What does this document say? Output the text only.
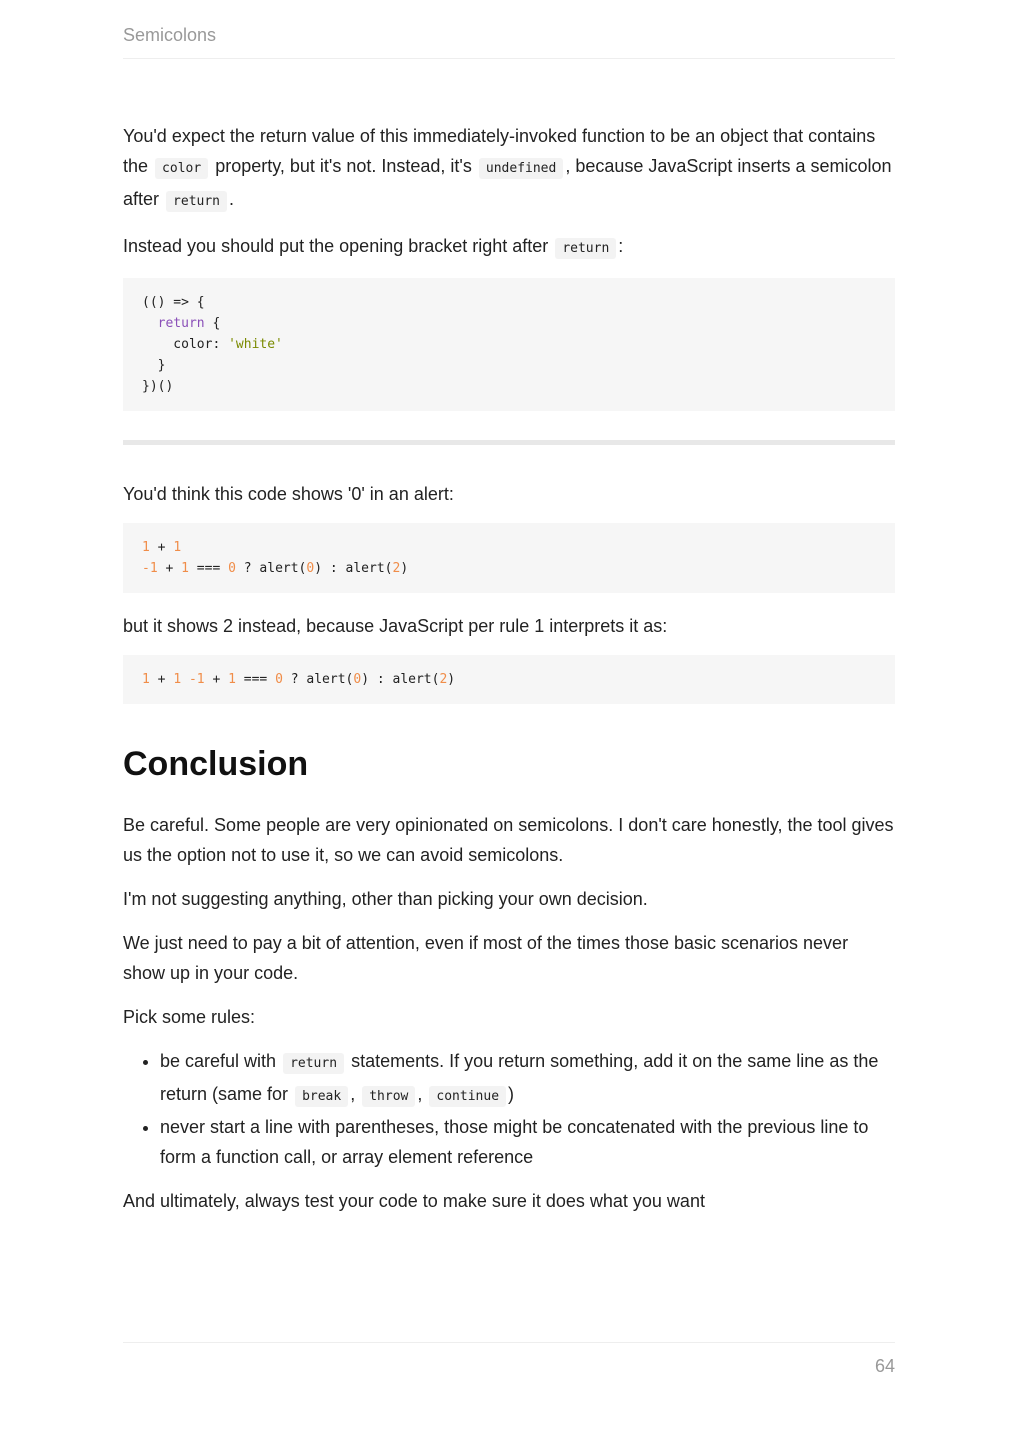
Semicolons

You'd expect the return value of this immediately-invoked function to be an object that contains the color property, but it's not. Instead, it's undefined , because JavaScript inserts a semicolon after return .

Instead you should put the opening bracket right after return :

(() => {
return {
color: 'white'
}
})()

You'd think this code shows '0' in an alert:

1 + 1
-1 + 1 === 0 ? alert(0) : alert(2)

but it shows 2 instead, because JavaScript per rule 1 interprets it as:

1 + 1 -1 + 1 === 0 ? alert(0) : alert(2)
Conclusion

Be careful. Some people are very opinionated on semicolons. I don't care honestly, the tool gives us the option not to use it, so we can avoid semicolons.

I'm not suggesting anything, other than picking your own decision.

We just need to pay a bit of attention, even if most of the times those basic scenarios never show up in your code.

Pick some rules:

• be careful with return statements. If you return something, add it on the same line as the return (same for break , throw , continue )
• never start a line with parentheses, those might be concatenated with the previous line to form a function call, or array element reference

And ultimately, always test your code to make sure it does what you want

64
